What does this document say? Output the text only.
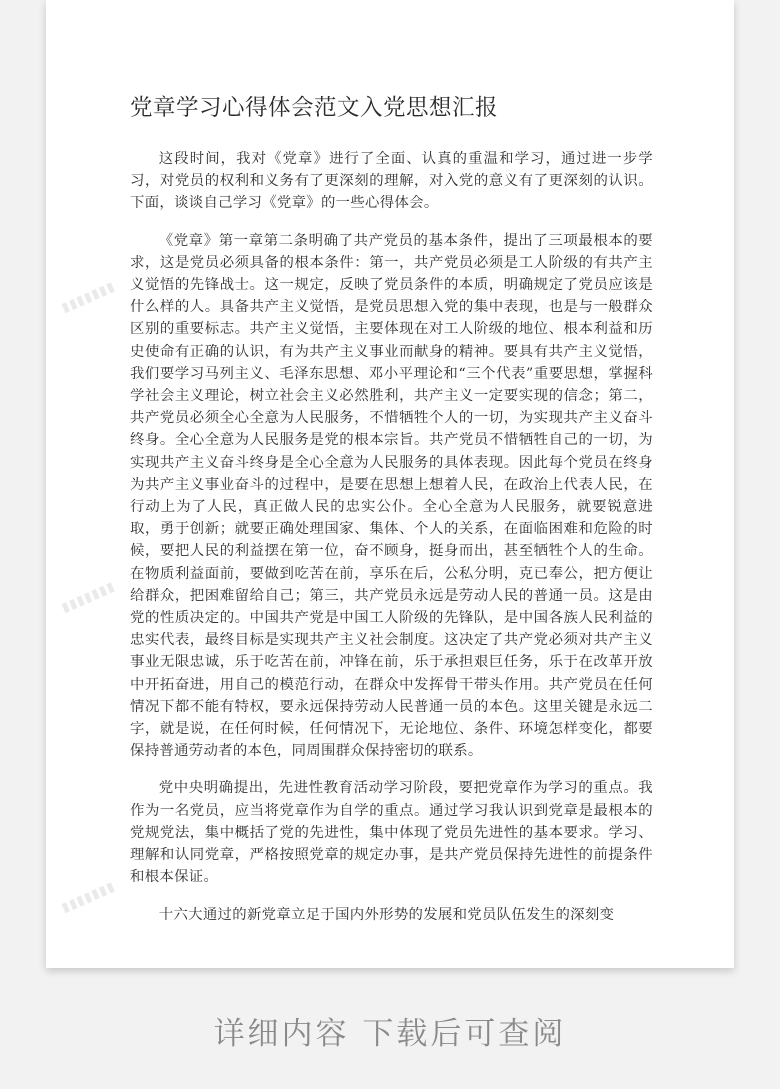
▮▮▮▮▮▮▮
▮▮▮▮▮▮▮
▮▮▮▮▮▮▮
党章学习心得体会范文入党思想汇报

这段时间，我对《党章》进行了全面、认真的重温和学习，通过进一步学习，对党员的权利和义务有了更深刻的理解，对入党的意义有了更深刻的认识。下面，谈谈自己学习《党章》的一些心得体会。

《党章》第一章第二条明确了共产党员的基本条件，提出了三项最根本的要求，这是党员必须具备的根本条件：第一，共产党员必须是工人阶级的有共产主义觉悟的先锋战士。这一规定，反映了党员条件的本质，明确规定了党员应该是什么样的人。具备共产主义觉悟，是党员思想入党的集中表现，也是与一般群众区别的重要标志。共产主义觉悟，主要体现在对工人阶级的地位、根本利益和历史使命有正确的认识，有为共产主义事业而献身的精神。要具有共产主义觉悟，我们要学习马列主义、毛泽东思想、邓小平理论和“三个代表”重要思想，掌握科学社会主义理论，树立社会主义必然胜利，共产主义一定要实现的信念；第二，共产党员必须全心全意为人民服务，不惜牺牲个人的一切，为实现共产主义奋斗终身。全心全意为人民服务是党的根本宗旨。共产党员不惜牺牲自己的一切，为实现共产主义奋斗终身是全心全意为人民服务的具体表现。因此每个党员在终身为共产主义事业奋斗的过程中，是要在思想上想着人民，在政治上代表人民，在行动上为了人民，真正做人民的忠实公仆。全心全意为人民服务，就要锐意进取，勇于创新；就要正确处理国家、集体、个人的关系，在面临困难和危险的时候，要把人民的利益摆在第一位，奋不顾身，挺身而出，甚至牺牲个人的生命。在物质利益面前，要做到吃苦在前，享乐在后，公私分明，克已奉公，把方便让给群众，把困难留给自己；第三，共产党员永远是劳动人民的普通一员。这是由党的性质决定的。中国共产党是中国工人阶级的先锋队，是中国各族人民利益的忠实代表，最终目标是实现共产主义社会制度。这决定了共产党必须对共产主义事业无限忠诚，乐于吃苦在前，冲锋在前，乐于承担艰巨任务，乐于在改革开放中开拓奋进，用自己的模范行动，在群众中发挥骨干带头作用。共产党员在任何情况下都不能有特权，要永远保持劳动人民普通一员的本色。这里关键是永远二字，就是说，在任何时候，任何情况下，无论地位、条件、环境怎样变化，都要保持普通劳动者的本色，同周围群众保持密切的联系。

党中央明确提出，先进性教育活动学习阶段，要把党章作为学习的重点。我作为一名党员，应当将党章作为自学的重点。通过学习我认识到党章是最根本的党规党法，集中概括了党的先进性，集中体现了党员先进性的基本要求。学习、理解和认同党章，严格按照党章的规定办事，是共产党员保持先进性的前提条件和根本保证。

十六大通过的新党章立足于国内外形势的发展和党员队伍发生的深刻变

详细内容 下载后可查阅
